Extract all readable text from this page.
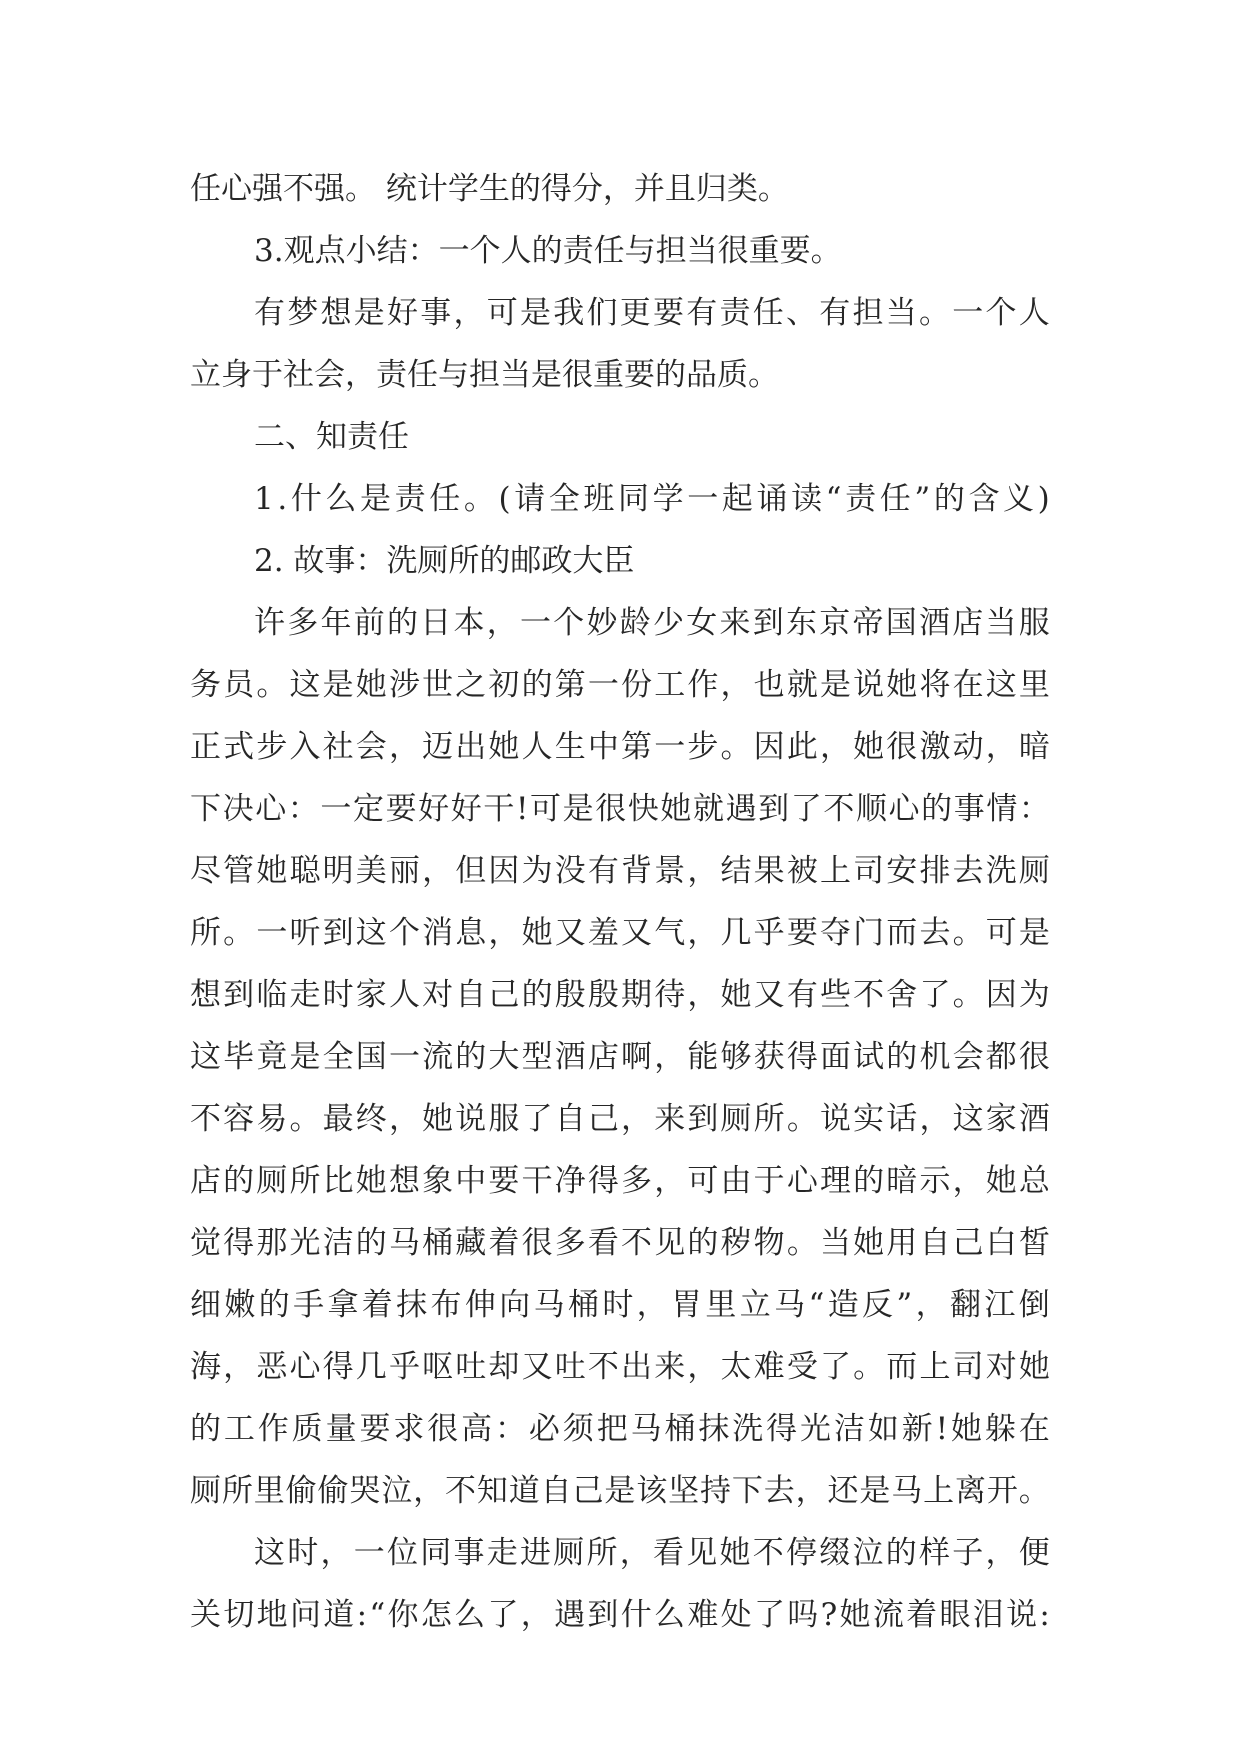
任心强不强。 统计学生的得分，并且归类。
3.观点小结：一个人的责任与担当很重要。
有 梦 想 是 好 事 ， 可 是 我 们 更 要 有 责 任 、 有 担 当 。 一 个 人
立身于社会，责任与担当是很重要的品质。
二、知责任
1 . 什 么 是 责 任 。 ( 请 全 班 同 学 一 起 诵 读 “ 责 任 ” 的 含 义 )
2. 故事：洗厕所的邮政大臣
许 多 年 前 的 日 本 ， 一 个 妙 龄 少 女 来 到 东 京 帝 国 酒 店 当 服
务 员 。 这 是 她 涉 世 之 初 的 第 一 份 工 作 ， 也 就 是 说 她 将 在 这 里
正 式 步 入 社 会 ， 迈 出 她 人 生 中 第 一 步 。 因 此 ， 她 很 激 动 ， 暗
下 决 心 ： 一 定 要 好 好 干 ! 可 是 很 快 她 就 遇 到 了 不 顺 心 的 事 情 ：
尽 管 她 聪 明 美 丽 ， 但 因 为 没 有 背 景 ， 结 果 被 上 司 安 排 去 洗 厕
所 。 一 听 到 这 个 消 息 ， 她 又 羞 又 气 ， 几 乎 要 夺 门 而 去 。 可 是
想 到 临 走 时 家 人 对 自 己 的 殷 殷 期 待 ， 她 又 有 些 不 舍 了 。 因 为
这 毕 竟 是 全 国 一 流 的 大 型 酒 店 啊 ， 能 够 获 得 面 试 的 机 会 都 很
不 容 易 。 最 终 ， 她 说 服 了 自 己 ， 来 到 厕 所 。 说 实 话 ， 这 家 酒
店 的 厕 所 比 她 想 象 中 要 干 净 得 多 ， 可 由 于 心 理 的 暗 示 ， 她 总
觉 得 那 光 洁 的 马 桶 藏 着 很 多 看 不 见 的 秽 物 。 当 她 用 自 己 白 皙
细 嫩 的 手 拿 着 抹 布 伸 向 马 桶 时 ， 胃 里 立 马 “ 造 反 ” ， 翻 江 倒
海 ， 恶 心 得 几 乎 呕 吐 却 又 吐 不 出 来 ， 太 难 受 了 。 而 上 司 对 她
的 工 作 质 量 要 求 很 高 ： 必 须 把 马 桶 抹 洗 得 光 洁 如 新 ! 她 躲 在
厕 所 里 偷 偷 哭 泣 ， 不 知 道 自 己 是 该 坚 持 下 去 ， 还 是 马 上 离 开 。
这 时 ， 一 位 同 事 走 进 厕 所 ， 看 见 她 不 停 缀 泣 的 样 子 ， 便
关 切 地 问 道 : “ 你 怎 么 了 ， 遇 到 什 么 难 处 了 吗 ? 她 流 着 眼 泪 说 :
